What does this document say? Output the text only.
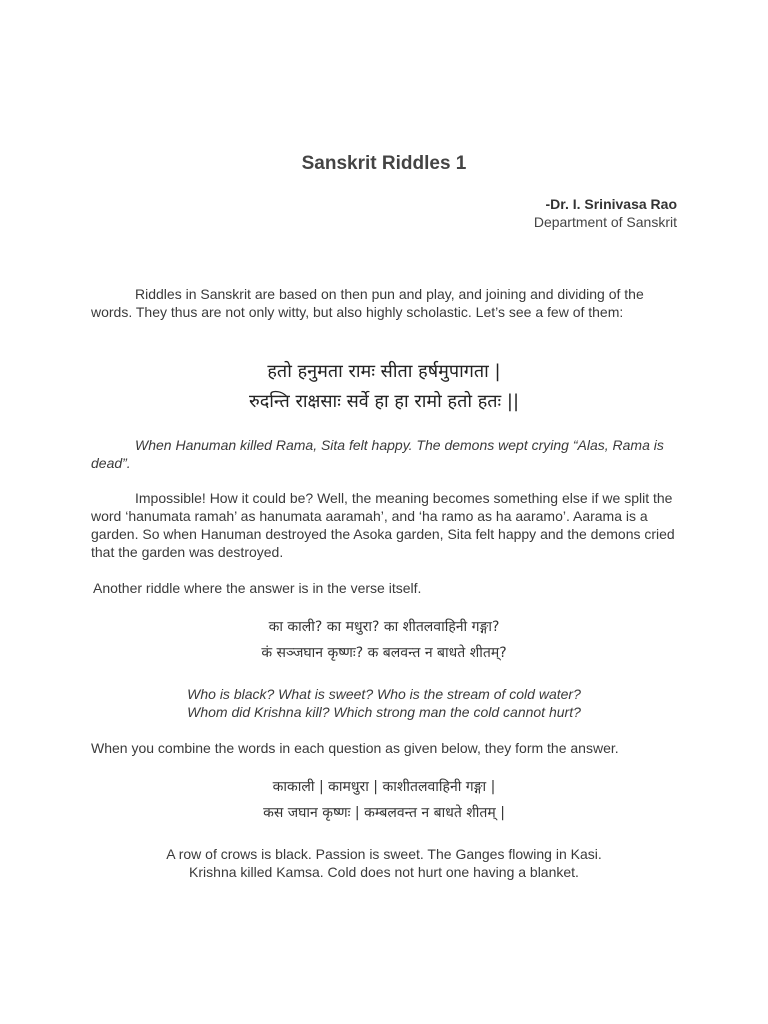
Sanskrit Riddles 1
-Dr. I. Srinivasa Rao
Department of Sanskrit
Riddles in Sanskrit are based on then pun and play, and joining and dividing of the words. They thus are not only witty, but also highly scholastic. Let’s see a few of them:
हतो हनुमता रामः सीता हर्षमुपागता |
रुदन्ति राक्षसाः सर्वे हा हा रामो हतो हतः ||
When Hanuman killed Rama, Sita felt happy. The demons wept crying “Alas, Rama is dead”.
Impossible! How it could be? Well, the meaning becomes something else if we split the word ‘hanumata ramah’ as hanumata aaramah’, and ‘ha ramo as ha aaramo’. Aarama is a garden. So when Hanuman destroyed the Asoka garden, Sita felt happy and the demons cried that the garden was destroyed.
Another riddle where the answer is in the verse itself.
का काली? का मधुरा? का शीतलवाहिनी गङ्गा?
कं सञ्जघान कृष्णः? क बलवन्त न बाधते शीतम्?
Who is black? What is sweet? Who is the stream of cold water?
Whom did Krishna kill? Which strong man the cold cannot hurt?
When you combine the words in each question as given below, they form the answer.
काकाली | कामधुरा | काशीतलवाहिनी गङ्गा |
कस जघान कृष्णः | कम्बलवन्त न बाधते शीतम् |
A row of crows is black. Passion is sweet. The Ganges flowing in Kasi.
Krishna killed Kamsa. Cold does not hurt one having a blanket.
